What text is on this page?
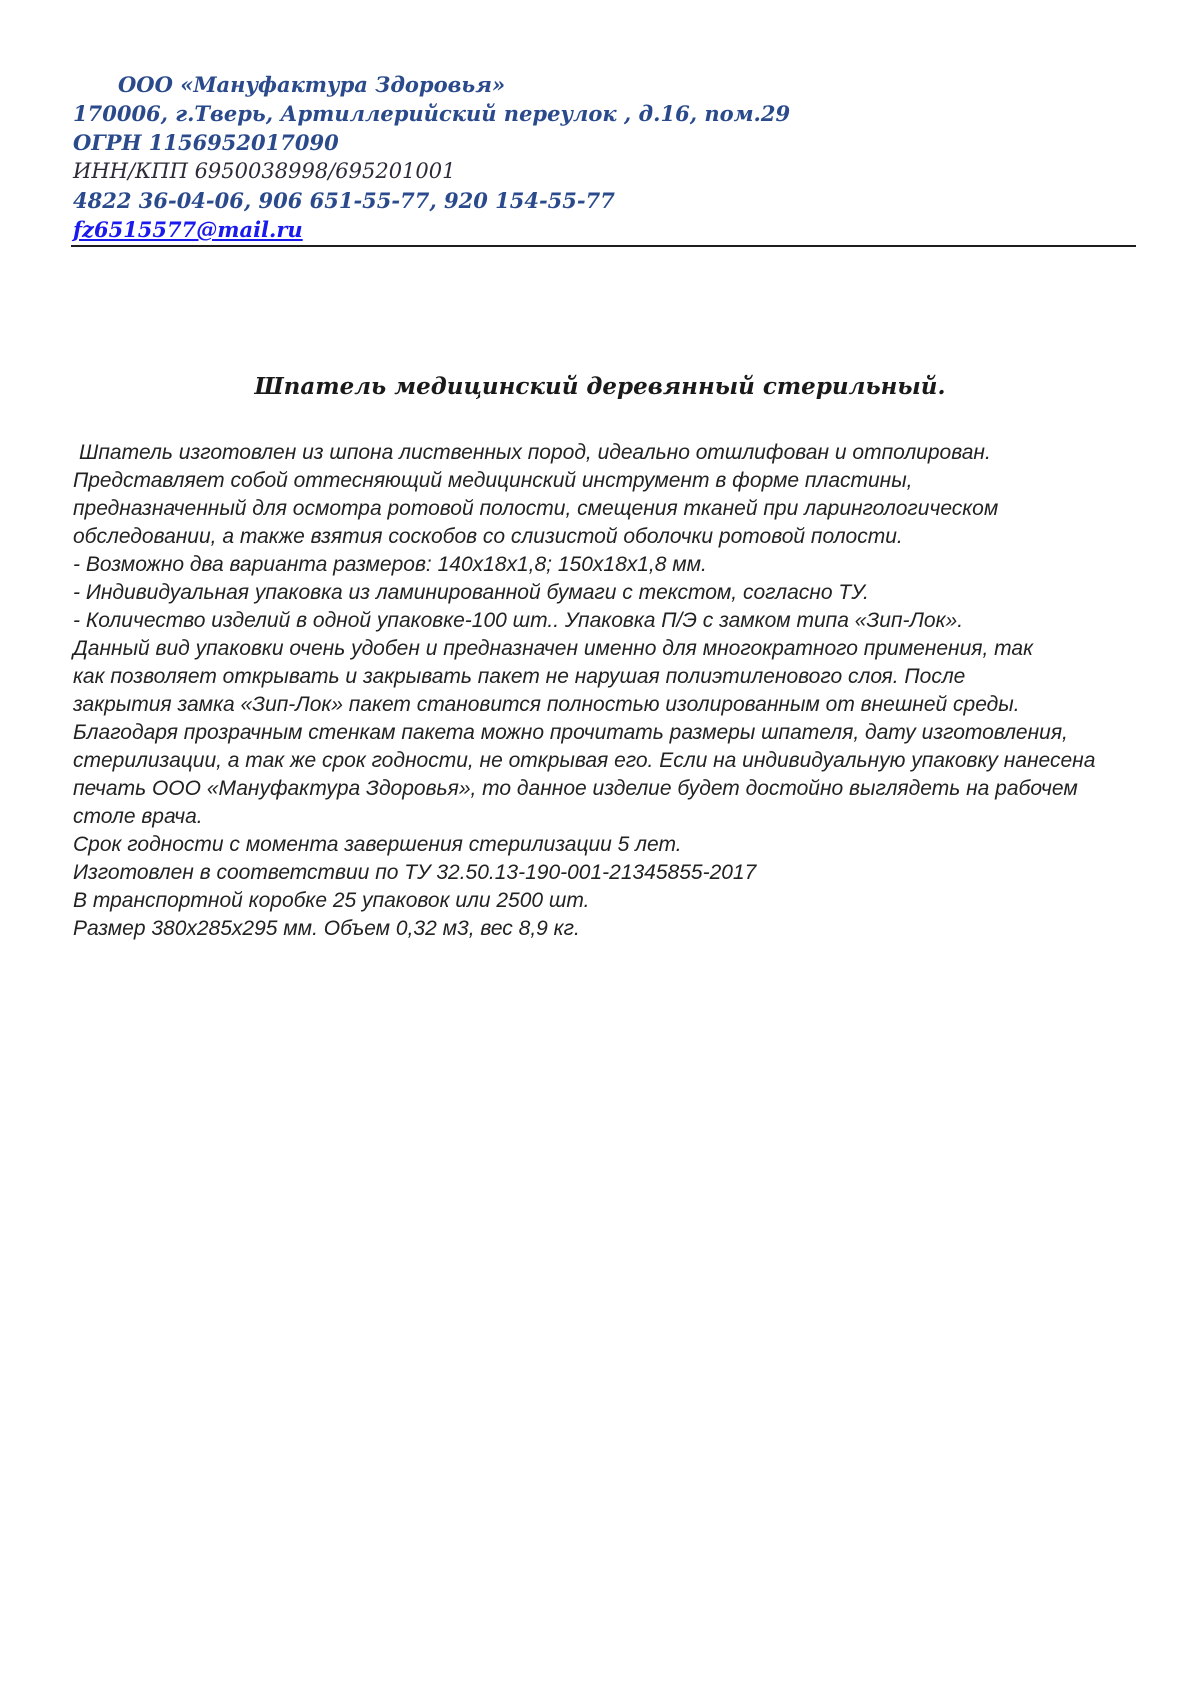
ООО «Мануфактура Здоровья»
170006, г.Тверь, Артиллерийский переулок , д.16, пом.29
ОГРН 1156952017090
ИНН/КПП 6950038998/695201001
4822 36-04-06, 906 651-55-77, 920 154-55-77
fz6515577@mail.ru
Шпатель медицинский деревянный стерильный.
Шпатель изготовлен из шпона лиственных пород, идеально отшлифован и отполирован.
Представляет собой оттесняющий медицинский инструмент в форме пластины,
предназначенный для осмотра ротовой полости, смещения тканей при ларингологическом
обследовании, а также взятия соскобов со слизистой оболочки ротовой полости.
- Возможно два варианта размеров: 140х18х1,8; 150х18х1,8 мм.
- Индивидуальная упаковка из ламинированной бумаги с текстом, согласно ТУ.
- Количество изделий в одной упаковке-100 шт.. Упаковка П/Э с замком типа «Зип-Лок».
Данный вид упаковки очень удобен и предназначен именно для многократного применения, так
как позволяет открывать и закрывать пакет не нарушая полиэтиленового слоя. После
закрытия замка «Зип-Лок» пакет становится полностью изолированным от внешней среды.
Благодаря прозрачным стенкам пакета можно прочитать размеры шпателя, дату изготовления,
стерилизации, а так же срок годности, не открывая его. Если на индивидуальную упаковку нанесена
печать ООО «Мануфактура Здоровья», то данное изделие будет достойно выглядеть на рабочем
столе врача.
Срок годности с момента завершения стерилизации 5 лет.
Изготовлен в соответствии по ТУ 32.50.13-190-001-21345855-2017
В транспортной коробке 25 упаковок или 2500 шт.
Размер 380х285х295 мм. Объем 0,32 м3, вес 8,9 кг.
